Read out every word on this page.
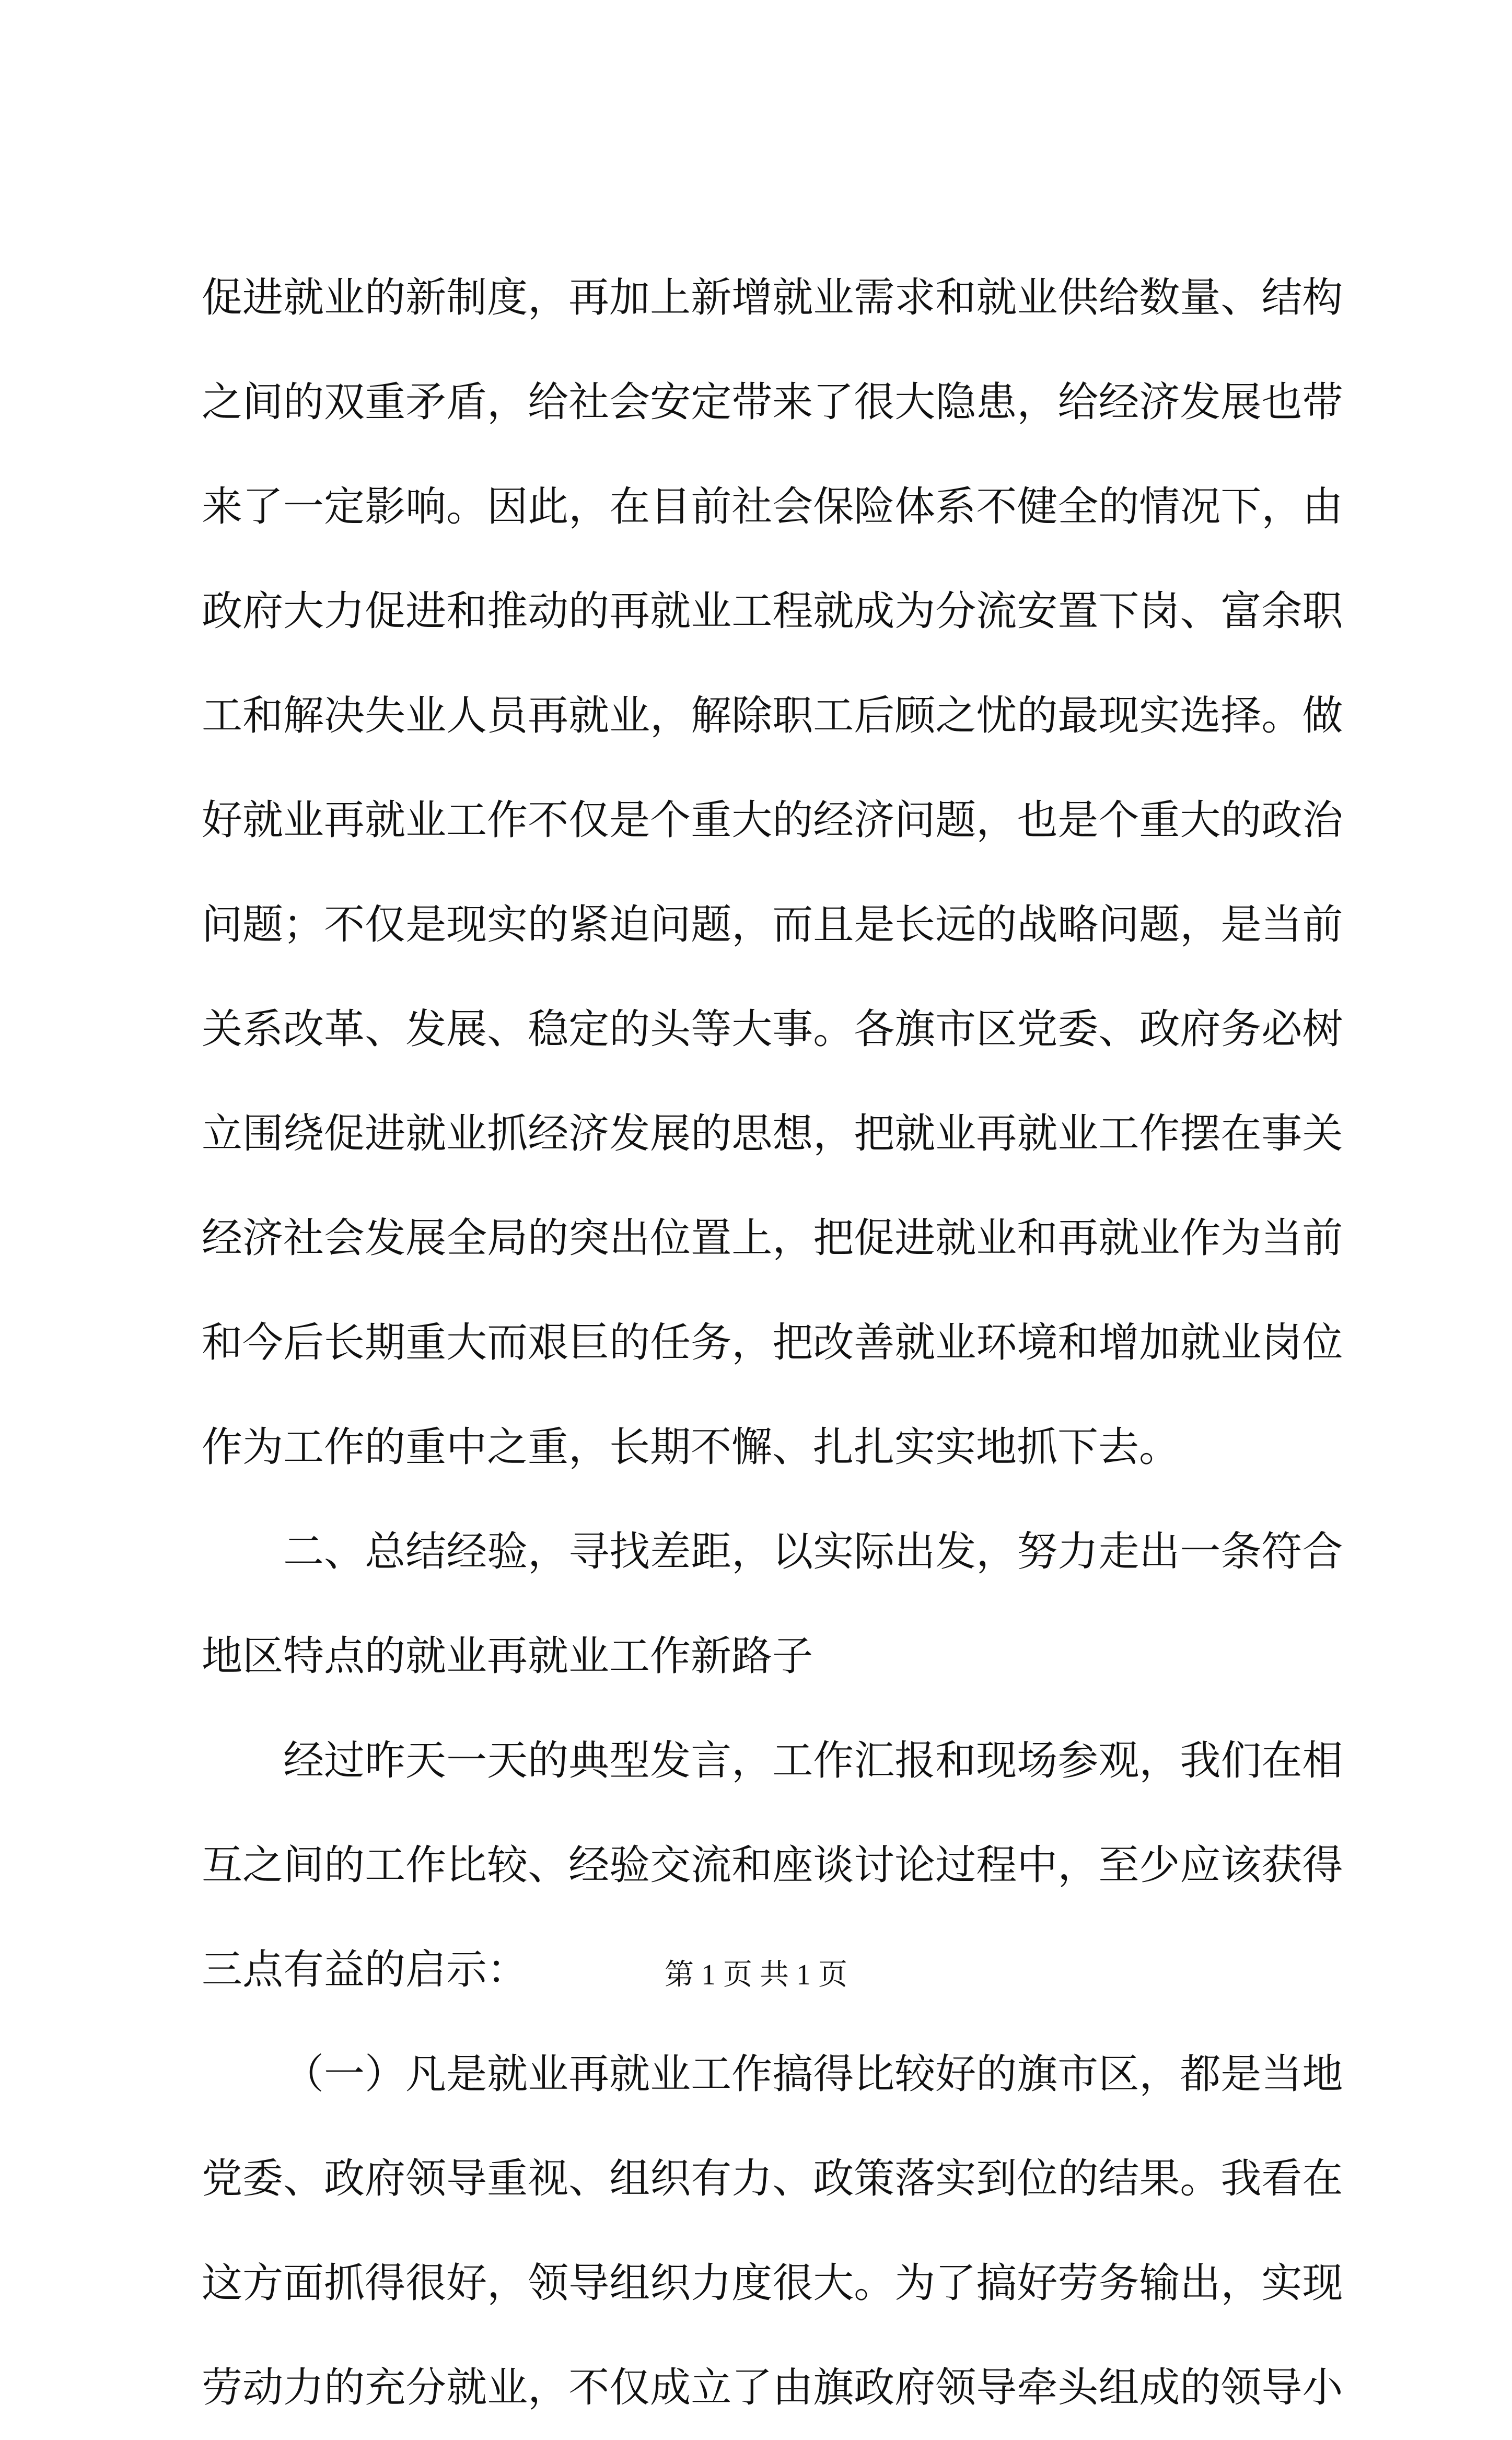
促 进 就 业 的 新 制 度 ， 再 加 上 新 增 就 业 需 求 和 就 业 供 给 数 量 、 结 构
之 间 的 双 重 矛 盾 ， 给 社 会 安 定 带 来 了 很 大 隐 患 ， 给 经 济 发 展 也 带
来 了 一 定 影 响 。 因 此 ， 在 目 前 社 会 保 险 体 系 不 健 全 的 情 况 下 ， 由
政 府 大 力 促 进 和 推 动 的 再 就 业 工 程 就 成 为 分 流 安 置 下 岗 、 富 余 职
工 和 解 决 失 业 人 员 再 就 业 ， 解 除 职 工 后 顾 之 忧 的 最 现 实 选 择 。 做
好 就 业 再 就 业 工 作 不 仅 是 个 重 大 的 经 济 问 题 ， 也 是 个 重 大 的 政 治
问 题 ； 不 仅 是 现 实 的 紧 迫 问 题 ， 而 且 是 长 远 的 战 略 问 题 ， 是 当 前
关 系 改 革 、 发 展 、 稳 定 的 头 等 大 事 。 各 旗 市 区 党 委 、 政 府 务 必 树
立 围 绕 促 进 就 业 抓 经 济 发 展 的 思 想 ， 把 就 业 再 就 业 工 作 摆 在 事 关
经 济 社 会 发 展 全 局 的 突 出 位 置 上 ， 把 促 进 就 业 和 再 就 业 作 为 当 前
和 今 后 长 期 重 大 而 艰 巨 的 任 务 ， 把 改 善 就 业 环 境 和 增 加 就 业 岗 位
作为工作的重中之重，长期不懈、扎扎实实地抓下去。
二 、 总 结 经 验 ， 寻 找 差 距 ， 以 实 际 出 发 ， 努 力 走 出 一 条 符 合
地区特点的就业再就业工作新路子
经 过 昨 天 一 天 的 典 型 发 言 ， 工 作 汇 报 和 现 场 参 观 ， 我 们 在 相
互 之 间 的 工 作 比 较 、 经 验 交 流 和 座 谈 讨 论 过 程 中 ， 至 少 应 该 获 得
三点有益的启示：
（ 一 ） 凡 是 就 业 再 就 业 工 作 搞 得 比 较 好 的 旗 市 区 ， 都 是 当 地
党 委 、 政 府 领 导 重 视 、 组 织 有 力 、 政 策 落 实 到 位 的 结 果 。 我 看 在
这 方 面 抓 得 很 好 ， 领 导 组 织 力 度 很 大 。 为 了 搞 好 劳 务 输 出 ， 实 现
劳 动 力 的 充 分 就 业 ， 不 仅 成 立 了 由 旗 政 府 领 导 牵 头 组 成 的 领 导 小
第 1 页 共 1 页
